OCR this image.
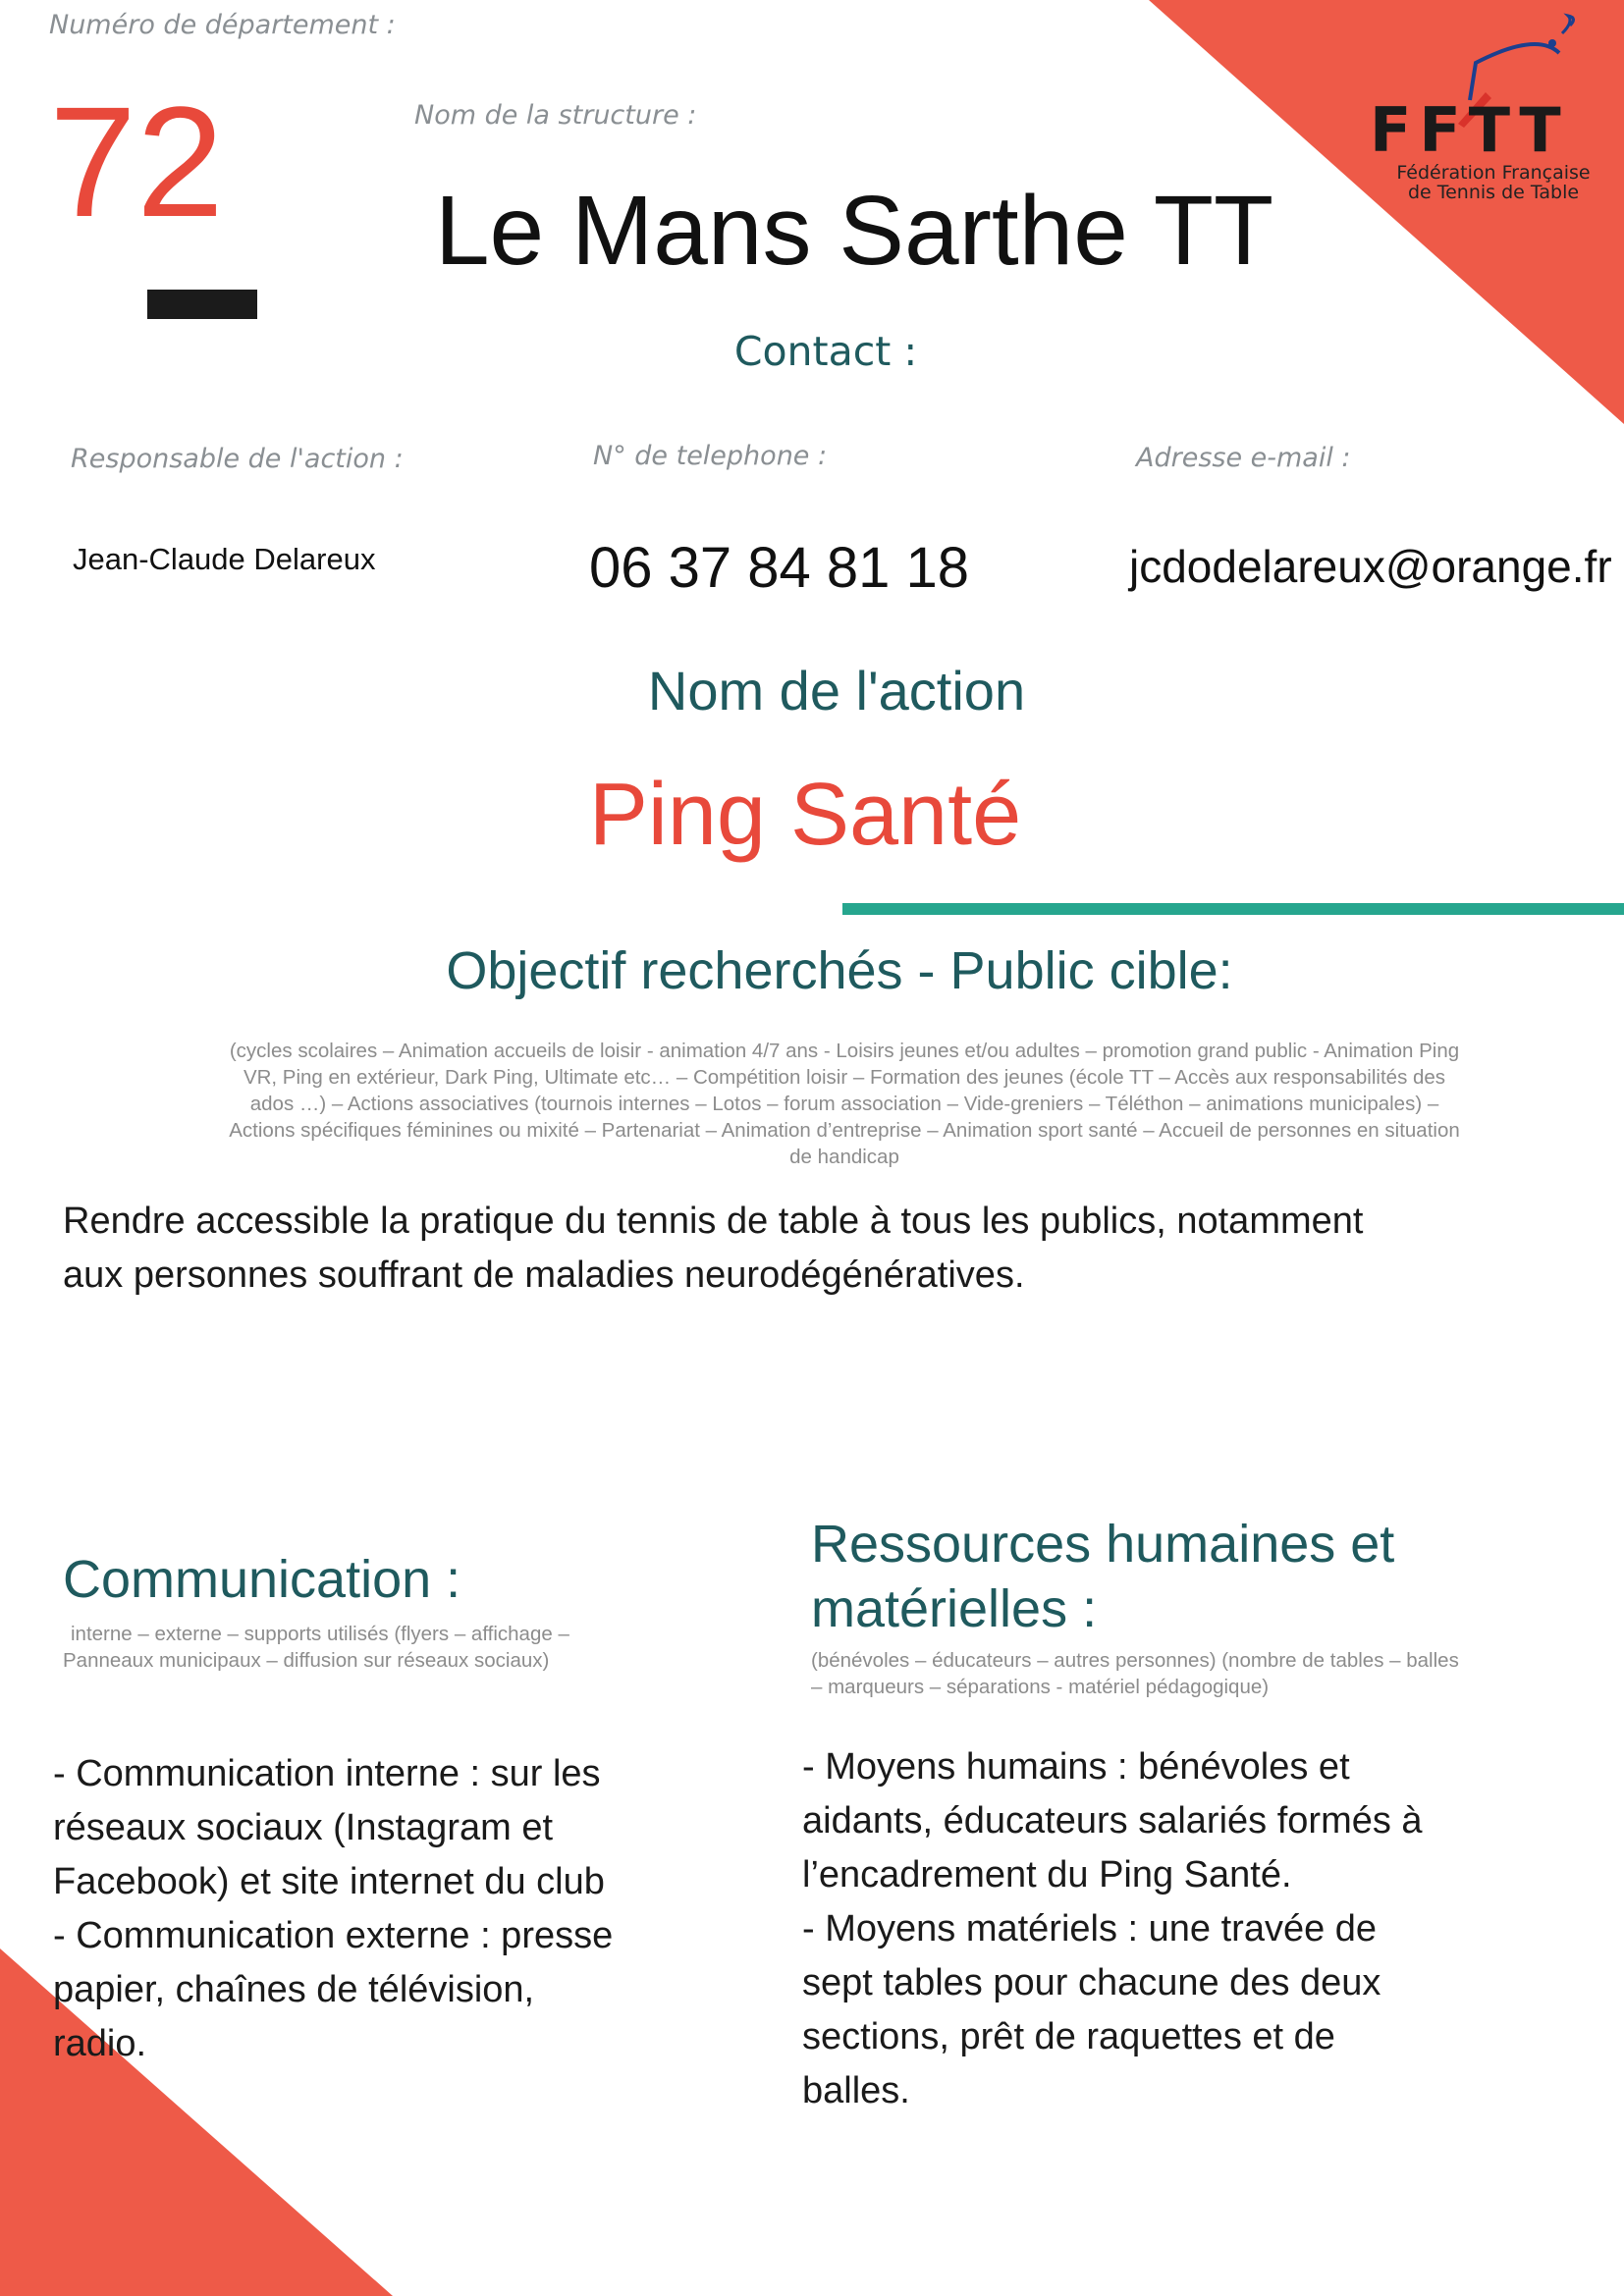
FFTT
Fédération Française
de Tennis de Table
Numéro de département :
72	Nom de la structure :
Le Mans Sarthe TT
Contact :
Responsable de l'action :	N° de telephone :	Adresse e-mail :
Jean-Claude Delareux	06 37 84 81 18	jcdodelareux@orange.fr
Nom de l'action
Ping Santé
Objectif recherchés - Public cible:
(cycles scolaires – Animation accueils de loisir - animation 4/7 ans - Loisirs jeunes et/ou adultes – promotion grand public - Animation Ping
VR, Ping en extérieur, Dark Ping, Ultimate etc… – Compétition loisir – Formation des jeunes (école TT – Accès aux responsabilités des
ados …) – Actions associatives (tournois internes – Lotos – forum association – Vide-greniers – Téléthon – animations municipales) –
Actions spécifiques féminines ou mixité – Partenariat – Animation d’entreprise – Animation sport santé – Accueil de personnes en situation
de handicap
Rendre accessible la pratique du tennis de table à tous les publics, notamment
aux personnes souffrant de maladies neurodégénératives.
Communication :
interne – externe – supports utilisés (flyers – affichage –
Panneaux municipaux – diffusion sur réseaux sociaux)
- Communication interne : sur les
réseaux sociaux (Instagram et
Facebook) et site internet du club
- Communication externe : presse
papier, chaînes de télévision,
radio.
Ressources humaines et
matérielles :
(bénévoles – éducateurs – autres personnes) (nombre de tables – balles
– marqueurs – séparations - matériel pédagogique)
- Moyens humains : bénévoles et
aidants, éducateurs salariés formés à
l’encadrement du Ping Santé.
- Moyens matériels : une travée de
sept tables pour chacune des deux
sections, prêt de raquettes et de
balles.
